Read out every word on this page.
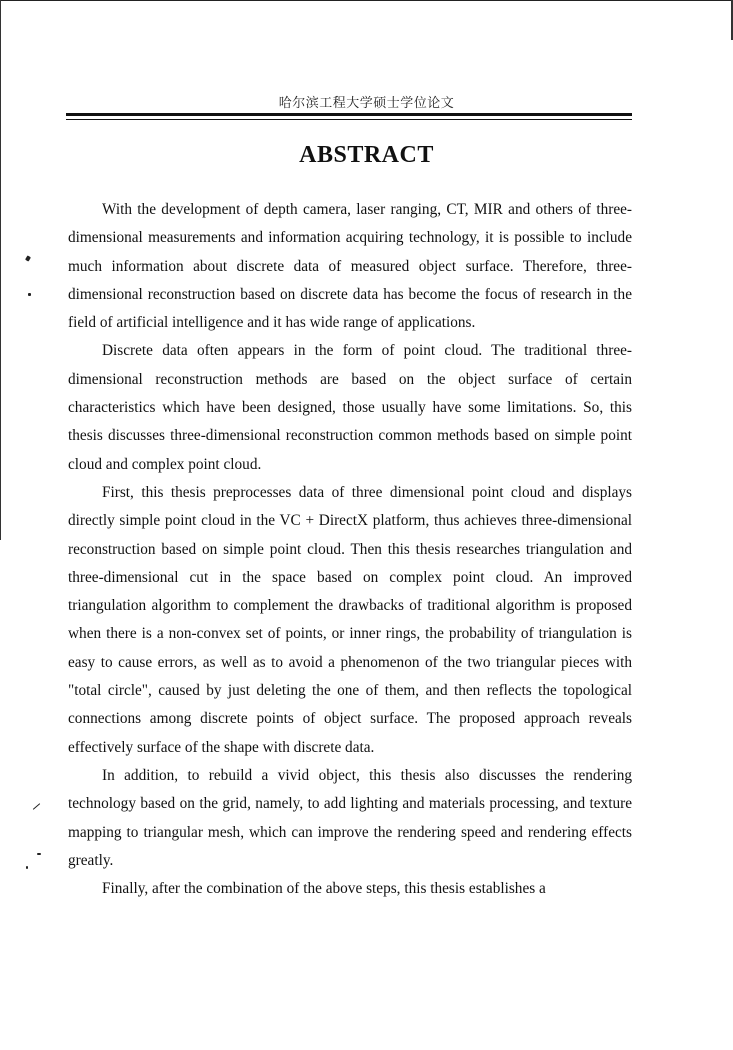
哈尔滨工程大学硕士学位论文
ABSTRACT

With the development of depth camera, laser ranging, CT, MIR and others of three-dimensional measurements and information acquiring technology, it is possible to include much information about discrete data of measured object surface. Therefore, three-dimensional reconstruction based on discrete data has become the focus of research in the field of artificial intelligence and it has wide range of applications.

Discrete data often appears in the form of point cloud. The traditional three-dimensional reconstruction methods are based on the object surface of certain characteristics which have been designed, those usually have some limitations. So, this thesis discusses three-dimensional reconstruction common methods based on simple point cloud and complex point cloud.

First, this thesis preprocesses data of three dimensional point cloud and displays directly simple point cloud in the VC + DirectX platform, thus achieves three-dimensional reconstruction based on simple point cloud. Then this thesis researches triangulation and three-dimensional cut in the space based on complex point cloud. An improved triangulation algorithm to complement the drawbacks of traditional algorithm is proposed when there is a non-convex set of points, or inner rings, the probability of triangulation is easy to cause errors, as well as to avoid a phenomenon of the two triangular pieces with "total circle", caused by just deleting the one of them, and then reflects the topological connections among discrete points of object surface. The proposed approach reveals effectively surface of the shape with discrete data.

In addition, to rebuild a vivid object, this thesis also discusses the rendering technology based on the grid, namely, to add lighting and materials processing, and texture mapping to triangular mesh, which can improve the rendering speed and rendering effects greatly.

Finally, after the combination of the above steps, this thesis establishes a
